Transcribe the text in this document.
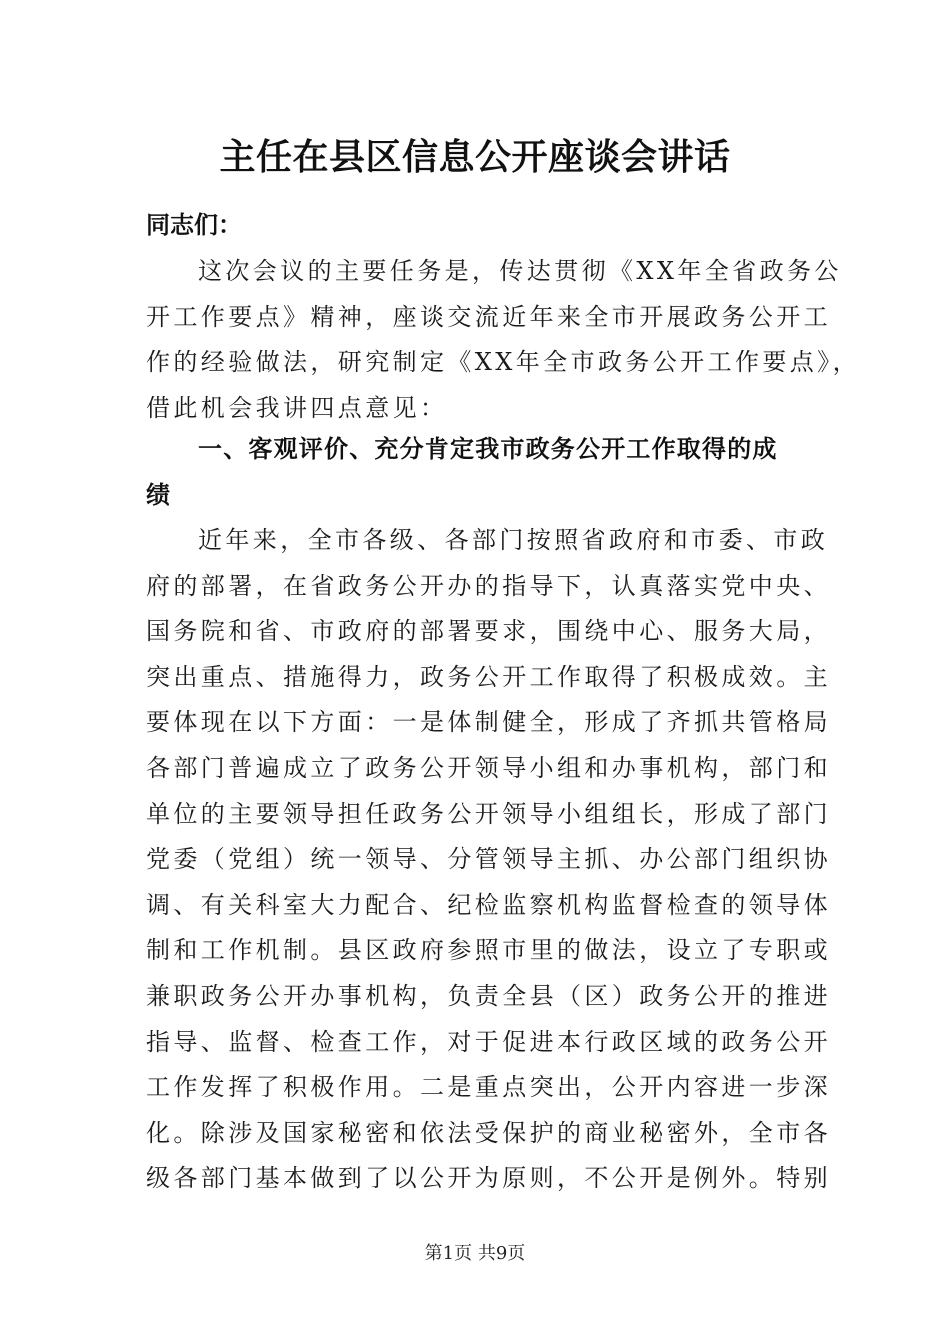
主任在县区信息公开座谈会讲话
同志们：
这次会议的主要任务是，传达贯彻《XX年全省政务公
开工作要点》精神，座谈交流近年来全市开展政务公开工
作的经验做法，研究制定《XX年全市政务公开工作要点》，
借此机会我讲四点意见：
一、客观评价、充分肯定我市政务公开工作取得的成
绩
近年来，全市各级、各部门按照省政府和市委、市政
府的部署，在省政务公开办的指导下，认真落实党中央、
国务院和省、市政府的部署要求，围绕中心、服务大局，
突出重点、措施得力，政务公开工作取得了积极成效。主
要体现在以下方面：一是体制健全，形成了齐抓共管格局
各部门普遍成立了政务公开领导小组和办事机构，部门和
单位的主要领导担任政务公开领导小组组长，形成了部门
党委（党组）统一领导、分管领导主抓、办公部门组织协
调、有关科室大力配合、纪检监察机构监督检查的领导体
制和工作机制。县区政府参照市里的做法，设立了专职或
兼职政务公开办事机构，负责全县（区）政务公开的推进
指导、监督、检查工作，对于促进本行政区域的政务公开
工作发挥了积极作用。二是重点突出，公开内容进一步深
化。除涉及国家秘密和依法受保护的商业秘密外，全市各
级各部门基本做到了以公开为原则，不公开是例外。特别
第1页 共9页
